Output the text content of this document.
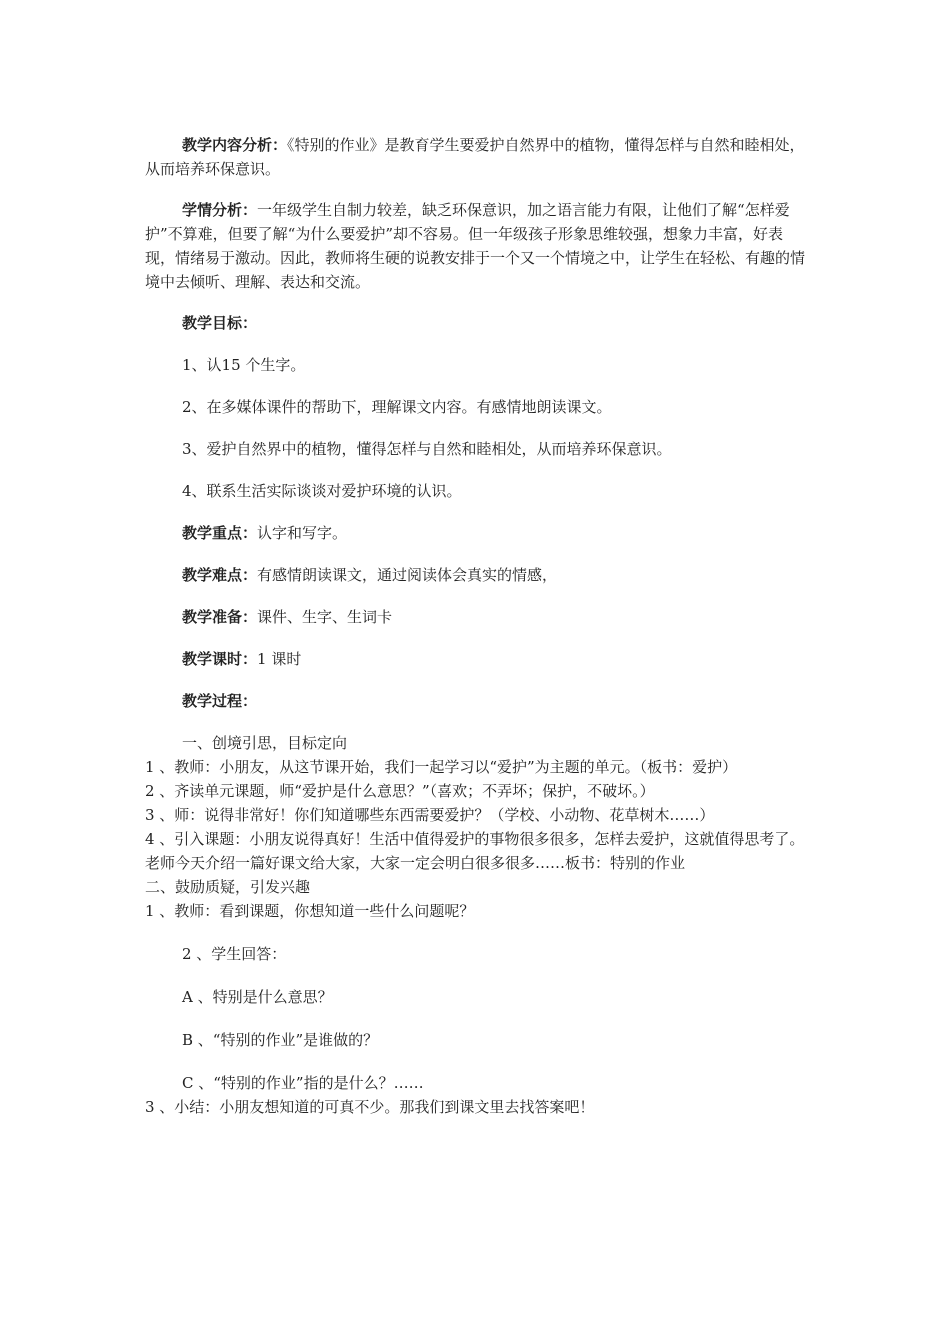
教学内容分析：《特别的作业》是教育学生要爱护自然界中的植物，懂得怎样与自然和睦相处，从而培养环保意识。

学情分析：一年级学生自制力较差，缺乏环保意识，加之语言能力有限，让他们了解“怎样爱护”不算难，但要了解“为什么要爱护”却不容易。但一年级孩子形象思维较强，想象力丰富，好表现，情绪易于激动。因此，教师将生硬的说教安排于一个又一个情境之中，让学生在轻松、有趣的情境中去倾听、理解、表达和交流。

教学目标：

1、认15 个生字。

2、在多媒体课件的帮助下，理解课文内容。有感情地朗读课文。

3、爱护自然界中的植物，懂得怎样与自然和睦相处，从而培养环保意识。

4、联系生活实际谈谈对爱护环境的认识。

教学重点：认字和写字。

教学难点：有感情朗读课文，通过阅读体会真实的情感，

教学准备：课件、生字、生词卡

教学课时：1 课时

教学过程：

一、创境引思，目标定向

1 、教师：小朋友，从这节课开始，我们一起学习以“爱护”为主题的单元。（板书：爱护）

2 、齐读单元课题，师“爱护是什么意思？”（喜欢；不弄坏；保护，不破坏。）

3 、师：说得非常好！你们知道哪些东西需要爱护？（学校、小动物、花草树木……）

4 、引入课题：小朋友说得真好！生活中值得爱护的事物很多很多，怎样去爱护，这就值得思考了。老师今天介绍一篇好课文给大家，大家一定会明白很多很多……板书：特别的作业

二、鼓励质疑，引发兴趣

1 、教师：看到课题，你想知道一些什么问题呢？

2 、学生回答：

A 、特别是什么意思？

B 、“特别的作业”是谁做的？

C 、“特别的作业”指的是什么？……

3 、小结：小朋友想知道的可真不少。那我们到课文里去找答案吧！
